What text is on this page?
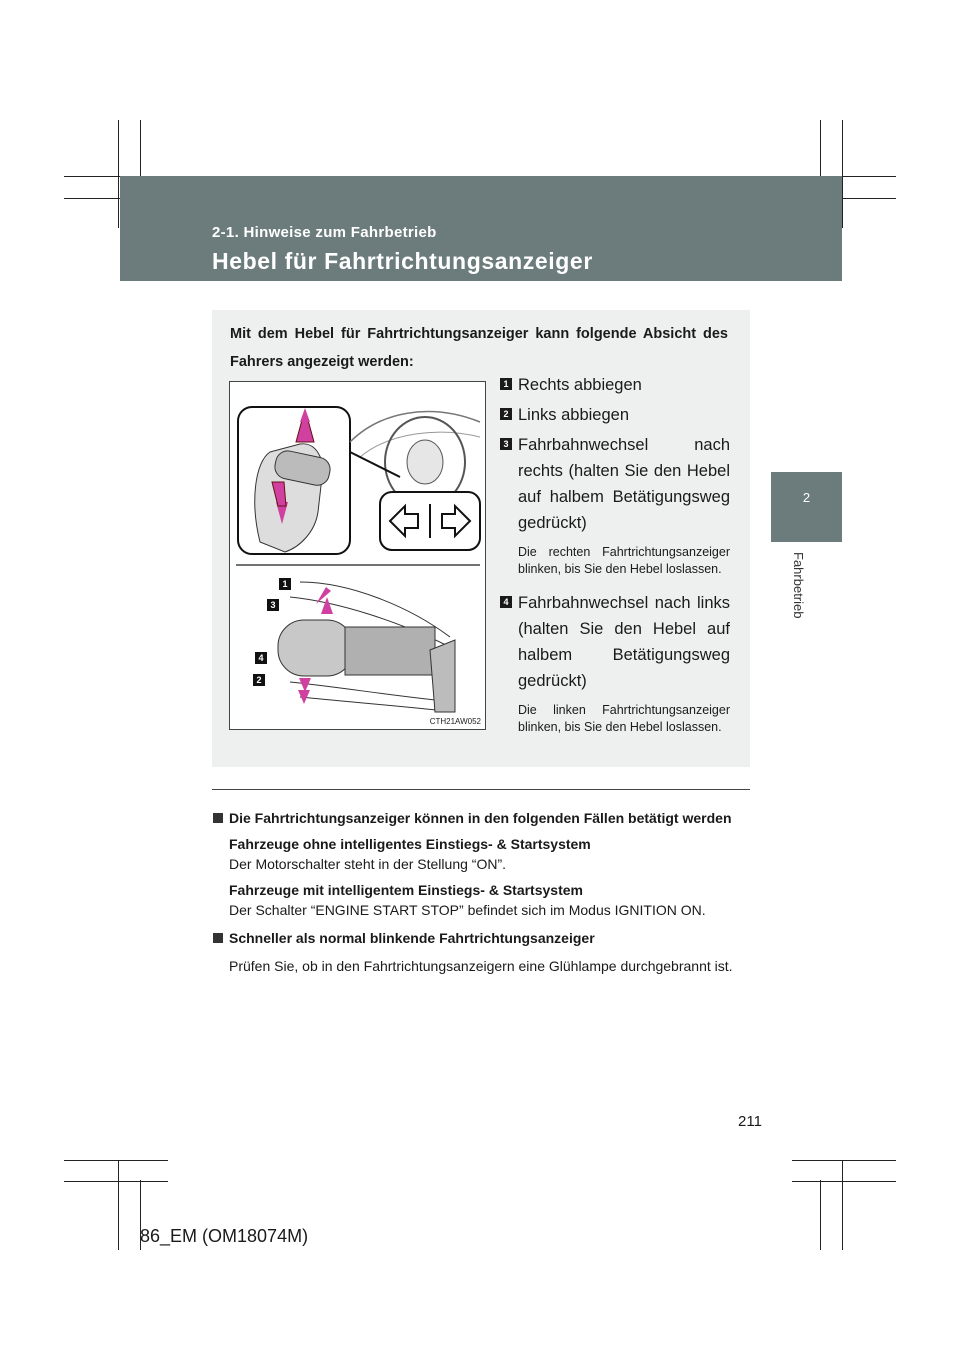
2-1. Hinweise zum Fahrbetrieb
Hebel für Fahrtrichtungsanzeiger
2
Fahrbetrieb
Mit dem Hebel für Fahrtrichtungsanzeiger kann folgende Absicht des Fahrers angezeigt werden:
1
3
4
2
CTH21AW052
1 Rechts abbiegen
2 Links abbiegen
3 Fahrbahnwechsel nach rechts (halten Sie den Hebel auf halbem Betätigungsweg gedrückt)
Die rechten Fahrtrichtungsanzeiger blinken, bis Sie den Hebel loslassen.
4 Fahrbahnwechsel nach links (halten Sie den Hebel auf halbem Betätigungsweg gedrückt)
Die linken Fahrtrichtungsanzeiger blinken, bis Sie den Hebel loslassen.
Die Fahrtrichtungsanzeiger können in den folgenden Fällen betätigt werden
Fahrzeuge ohne intelligentes Einstiegs- & Startsystem
Der Motorschalter steht in der Stellung “ON”.
Fahrzeuge mit intelligentem Einstiegs- & Startsystem
Der Schalter “ENGINE START STOP” befindet sich im Modus IGNITION ON.
Schneller als normal blinkende Fahrtrichtungsanzeiger
Prüfen Sie, ob in den Fahrtrichtungsanzeigern eine Glühlampe durchgebrannt ist.
211
86_EM (OM18074M)
